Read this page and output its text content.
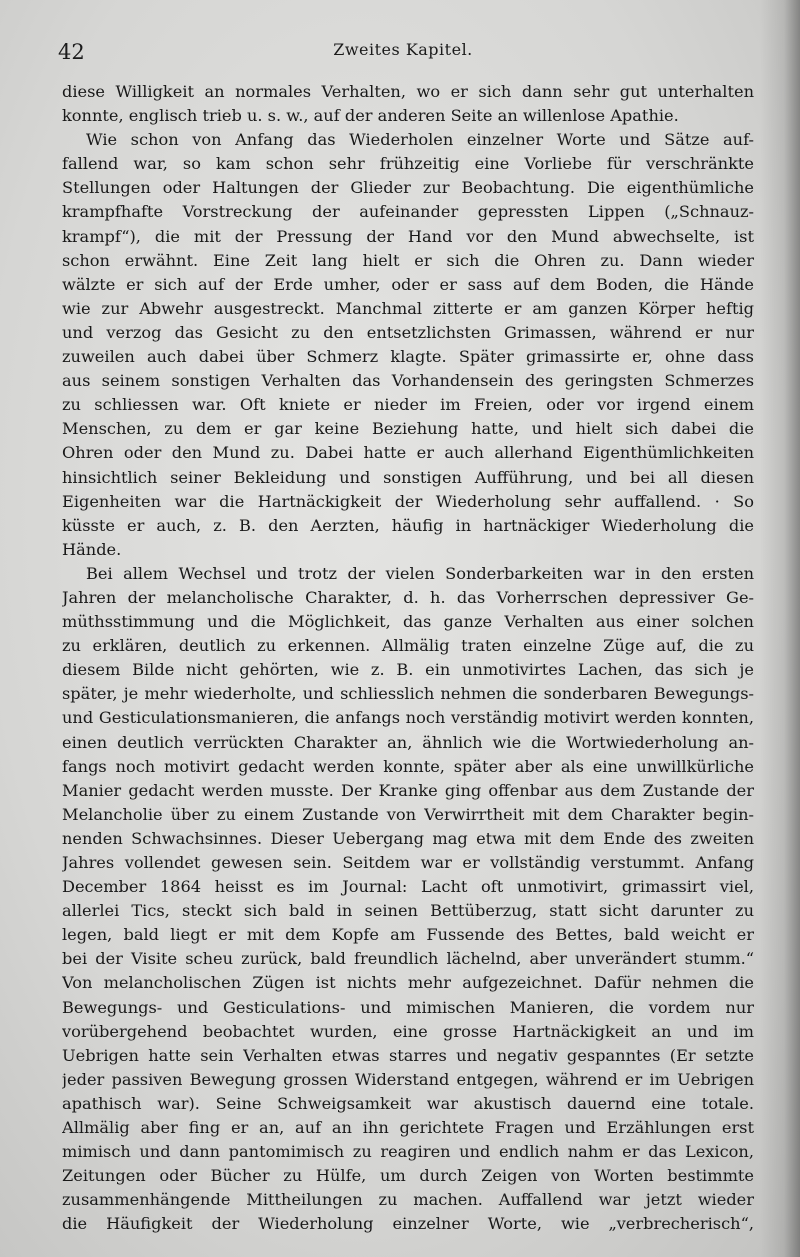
42	Zweites Kapitel.
diese Willigkeit an normales Verhalten, wo er sich dann sehr gut unterhalten
konnte, englisch trieb u. s. w., auf der anderen Seite an willenlose Apathie.
Wie schon von Anfang das Wiederholen einzelner Worte und Sätze auf-
fallend war, so kam schon sehr frühzeitig eine Vorliebe für verschränkte
Stellungen oder Haltungen der Glieder zur Beobachtung. Die eigenthümliche
krampfhafte Vorstreckung der aufeinander gepressten Lippen („Schnauz-
krampf“), die mit der Pressung der Hand vor den Mund abwechselte, ist
schon erwähnt. Eine Zeit lang hielt er sich die Ohren zu. Dann wieder
wälzte er sich auf der Erde umher, oder er sass auf dem Boden, die Hände
wie zur Abwehr ausgestreckt. Manchmal zitterte er am ganzen Körper heftig
und verzog das Gesicht zu den entsetzlichsten Grimassen, während er nur
zuweilen auch dabei über Schmerz klagte. Später grimassirte er, ohne dass
aus seinem sonstigen Verhalten das Vorhandensein des geringsten Schmerzes
zu schliessen war. Oft kniete er nieder im Freien, oder vor irgend einem
Menschen, zu dem er gar keine Beziehung hatte, und hielt sich dabei die
Ohren oder den Mund zu. Dabei hatte er auch allerhand Eigenthümlichkeiten
hinsichtlich seiner Bekleidung und sonstigen Aufführung, und bei all diesen
Eigenheiten war die Hartnäckigkeit der Wiederholung sehr auffallend. · So
küsste er auch, z. B. den Aerzten, häufig in hartnäckiger Wiederholung die
Hände.
Bei allem Wechsel und trotz der vielen Sonderbarkeiten war in den ersten
Jahren der melancholische Charakter, d. h. das Vorherrschen depressiver Ge-
müthsstimmung und die Möglichkeit, das ganze Verhalten aus einer solchen
zu erklären, deutlich zu erkennen. Allmälig traten einzelne Züge auf, die zu
diesem Bilde nicht gehörten, wie z. B. ein unmotivirtes Lachen, das sich je
später, je mehr wiederholte, und schliesslich nehmen die sonderbaren Bewegungs-
und Gesticulationsmanieren, die anfangs noch verständig motivirt werden konnten,
einen deutlich verrückten Charakter an, ähnlich wie die Wortwiederholung an-
fangs noch motivirt gedacht werden konnte, später aber als eine unwillkürliche
Manier gedacht werden musste. Der Kranke ging offenbar aus dem Zustande der
Melancholie über zu einem Zustande von Verwirrtheit mit dem Charakter begin-
nenden Schwachsinnes. Dieser Uebergang mag etwa mit dem Ende des zweiten
Jahres vollendet gewesen sein. Seitdem war er vollständig verstummt. Anfang
December 1864 heisst es im Journal: Lacht oft unmotivirt, grimassirt viel,
allerlei Tics, steckt sich bald in seinen Bettüberzug, statt sicht darunter zu
legen, bald liegt er mit dem Kopfe am Fussende des Bettes, bald weicht er
bei der Visite scheu zurück, bald freundlich lächelnd, aber unverändert stumm.“
Von melancholischen Zügen ist nichts mehr aufgezeichnet. Dafür nehmen die
Bewegungs- und Gesticulations- und mimischen Manieren, die vordem nur
vorübergehend beobachtet wurden, eine grosse Hartnäckigkeit an und im
Uebrigen hatte sein Verhalten etwas starres und negativ gespanntes (Er setzte
jeder passiven Bewegung grossen Widerstand entgegen, während er im Uebrigen
apathisch war). Seine Schweigsamkeit war akustisch dauernd eine totale.
Allmälig aber fing er an, auf an ihn gerichtete Fragen und Erzählungen erst
mimisch und dann pantomimisch zu reagiren und endlich nahm er das Lexicon,
Zeitungen oder Bücher zu Hülfe, um durch Zeigen von Worten bestimmte
zusammenhängende Mittheilungen zu machen. Auffallend war jetzt wieder
die Häufigkeit der Wiederholung einzelner Worte, wie „verbrecherisch“,
